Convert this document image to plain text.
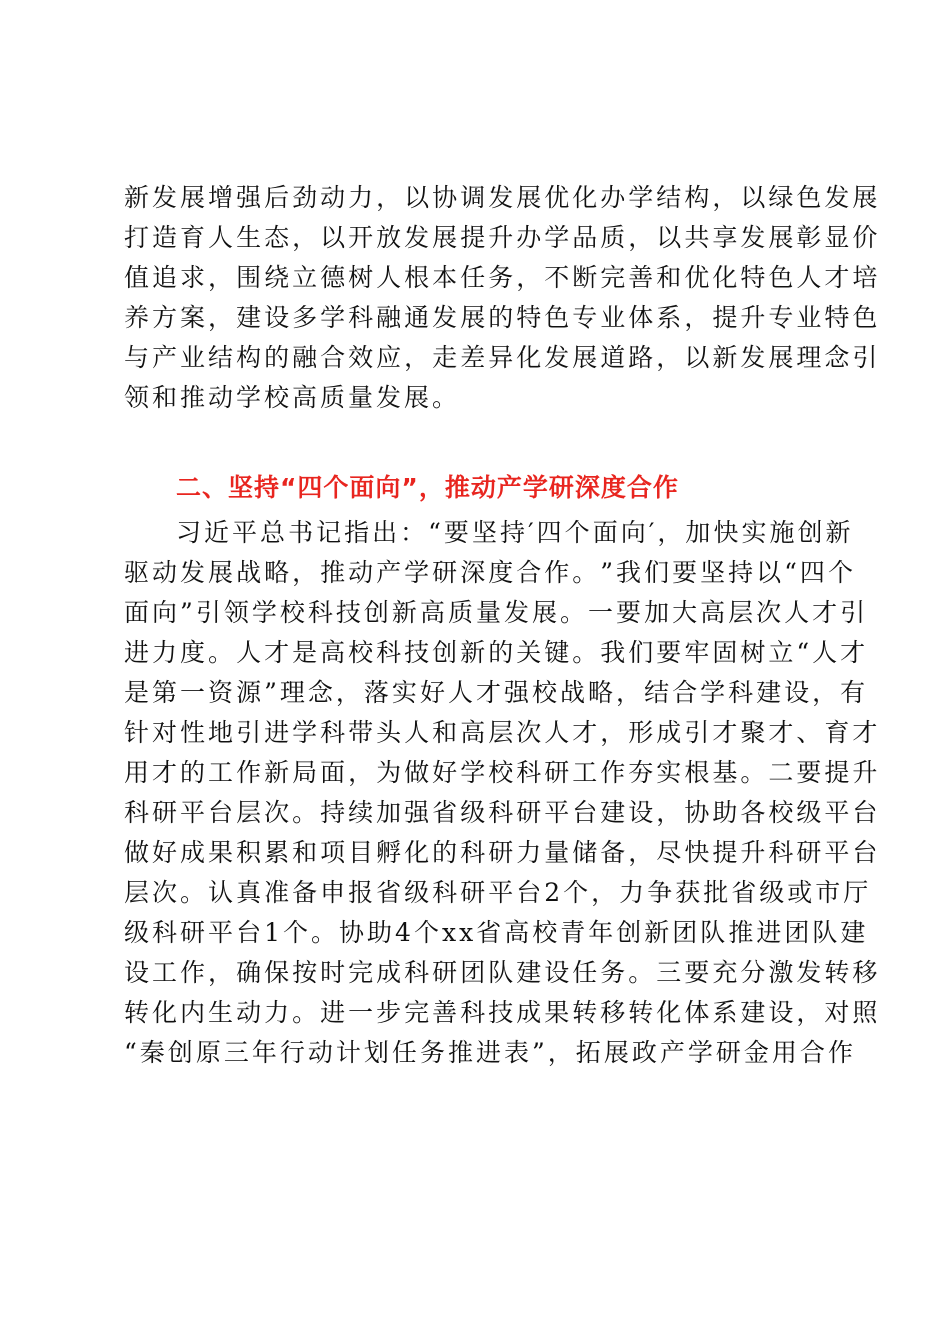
新 发 展 增 强 后 劲 动 力 ， 以 协 调 发 展 优 化 办 学 结 构 ， 以 绿 色 发 展
打 造 育 人 生 态 ， 以 开 放 发 展 提 升 办 学 品 质 ， 以 共 享 发 展 彰 显 价
值 追 求 ， 围 绕 立 德 树 人 根 本 任 务 ， 不 断 完 善 和 优 化 特 色 人 才 培
养 方 案 ， 建 设 多 学 科 融 通 发 展 的 特 色 专 业 体 系 ， 提 升 专 业 特 色
与 产 业 结 构 的 融 合 效 应 ， 走 差 异 化 发 展 道 路 ， 以 新 发 展 理 念 引
领和推动学校高质量发展。
二、坚持“四个面向”，推动产学研深度合作
习 近 平 总 书 记 指 出 ： “ 要 坚 持 ′ 四 个 面 向 ′ ， 加 快 实 施 创 新
驱 动 发 展 战 略 ， 推 动 产 学 研 深 度 合 作 。 ” 我 们 要 坚 持 以 “ 四 个
面 向 ” 引 领 学 校 科 技 创 新 高 质 量 发 展 。 一 要 加 大 高 层 次 人 才 引
进 力 度 。 人 才 是 高 校 科 技 创 新 的 关 键 。 我 们 要 牢 固 树 立 “ 人 才
是 第 一 资 源 ” 理 念 ， 落 实 好 人 才 强 校 战 略 ， 结 合 学 科 建 设 ， 有
针 对 性 地 引 进 学 科 带 头 人 和 高 层 次 人 才 ， 形 成 引 才 聚 才 、 育 才
用 才 的 工 作 新 局 面 ， 为 做 好 学 校 科 研 工 作 夯 实 根 基 。 二 要 提 升
科 研 平 台 层 次 。 持 续 加 强 省 级 科 研 平 台 建 设 ， 协 助 各 校 级 平 台
做 好 成 果 积 累 和 项 目 孵 化 的 科 研 力 量 储 备 ， 尽 快 提 升 科 研 平 台
层 次 。 认 真 准 备 申 报 省 级 科 研 平 台 2 个 ， 力 争 获 批 省 级 或 市 厅
级 科 研 平 台 1 个 。 协 助 4 个 xx 省 高 校 青 年 创 新 团 队 推 进 团 队 建
设 工 作 ， 确 保 按 时 完 成 科 研 团 队 建 设 任 务 。 三 要 充 分 激 发 转 移
转 化 内 生 动 力 。 进 一 步 完 善 科 技 成 果 转 移 转 化 体 系 建 设 ， 对 照
“ 秦 创 原 三 年 行 动 计 划 任 务 推 进 表 ” ， 拓 展 政 产 学 研 金 用 合 作
